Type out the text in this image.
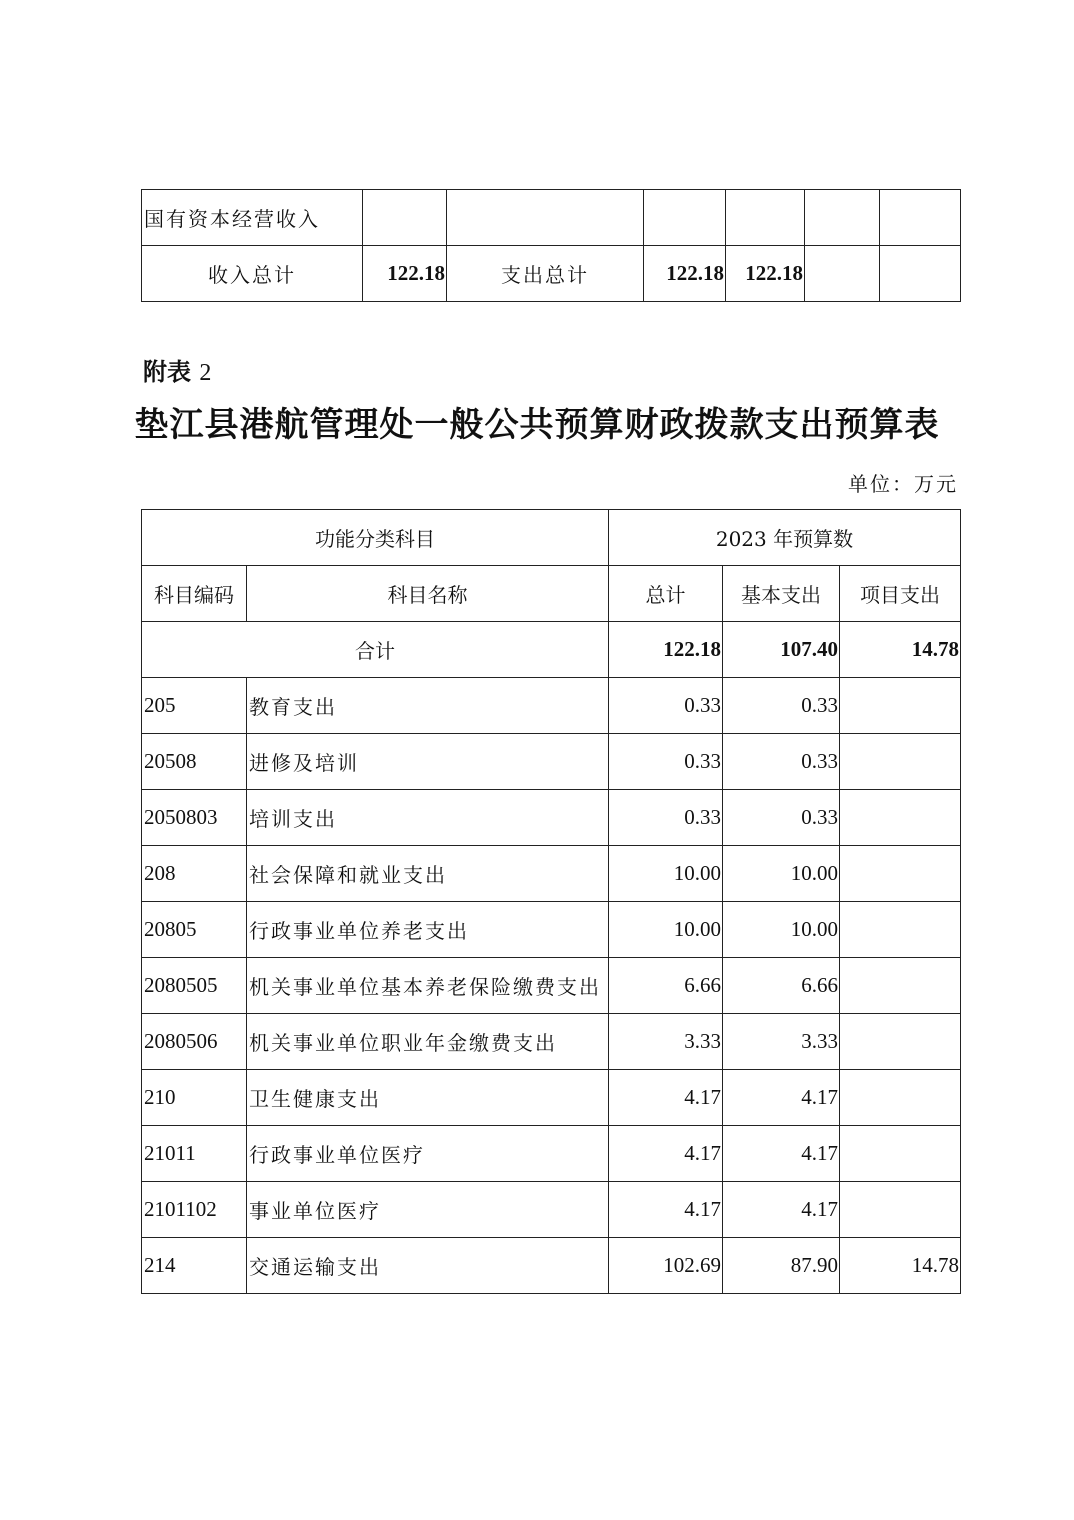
国有资本经营收入						
收入总计	122.18	支出总计	122.18	122.18		
附表 2
垫江县港航管理处一般公共预算财政拨款支出预算表
单位：万元
功能分类科目		2023 年预算数		
科目编码	科目名称	总计	基本支出	项目支出
合计		122.18	107.40	14.78
205	教育支出	0.33	0.33	
20508	进修及培训	0.33	0.33	
2050803	培训支出	0.33	0.33	
208	社会保障和就业支出	10.00	10.00	
20805	行政事业单位养老支出	10.00	10.00	
2080505	机关事业单位基本养老保险缴费支出	6.66	6.66	
2080506	机关事业单位职业年金缴费支出	3.33	3.33	
210	卫生健康支出	4.17	4.17	
21011	行政事业单位医疗	4.17	4.17	
2101102	事业单位医疗	4.17	4.17	
214	交通运输支出	102.69	87.90	14.78
